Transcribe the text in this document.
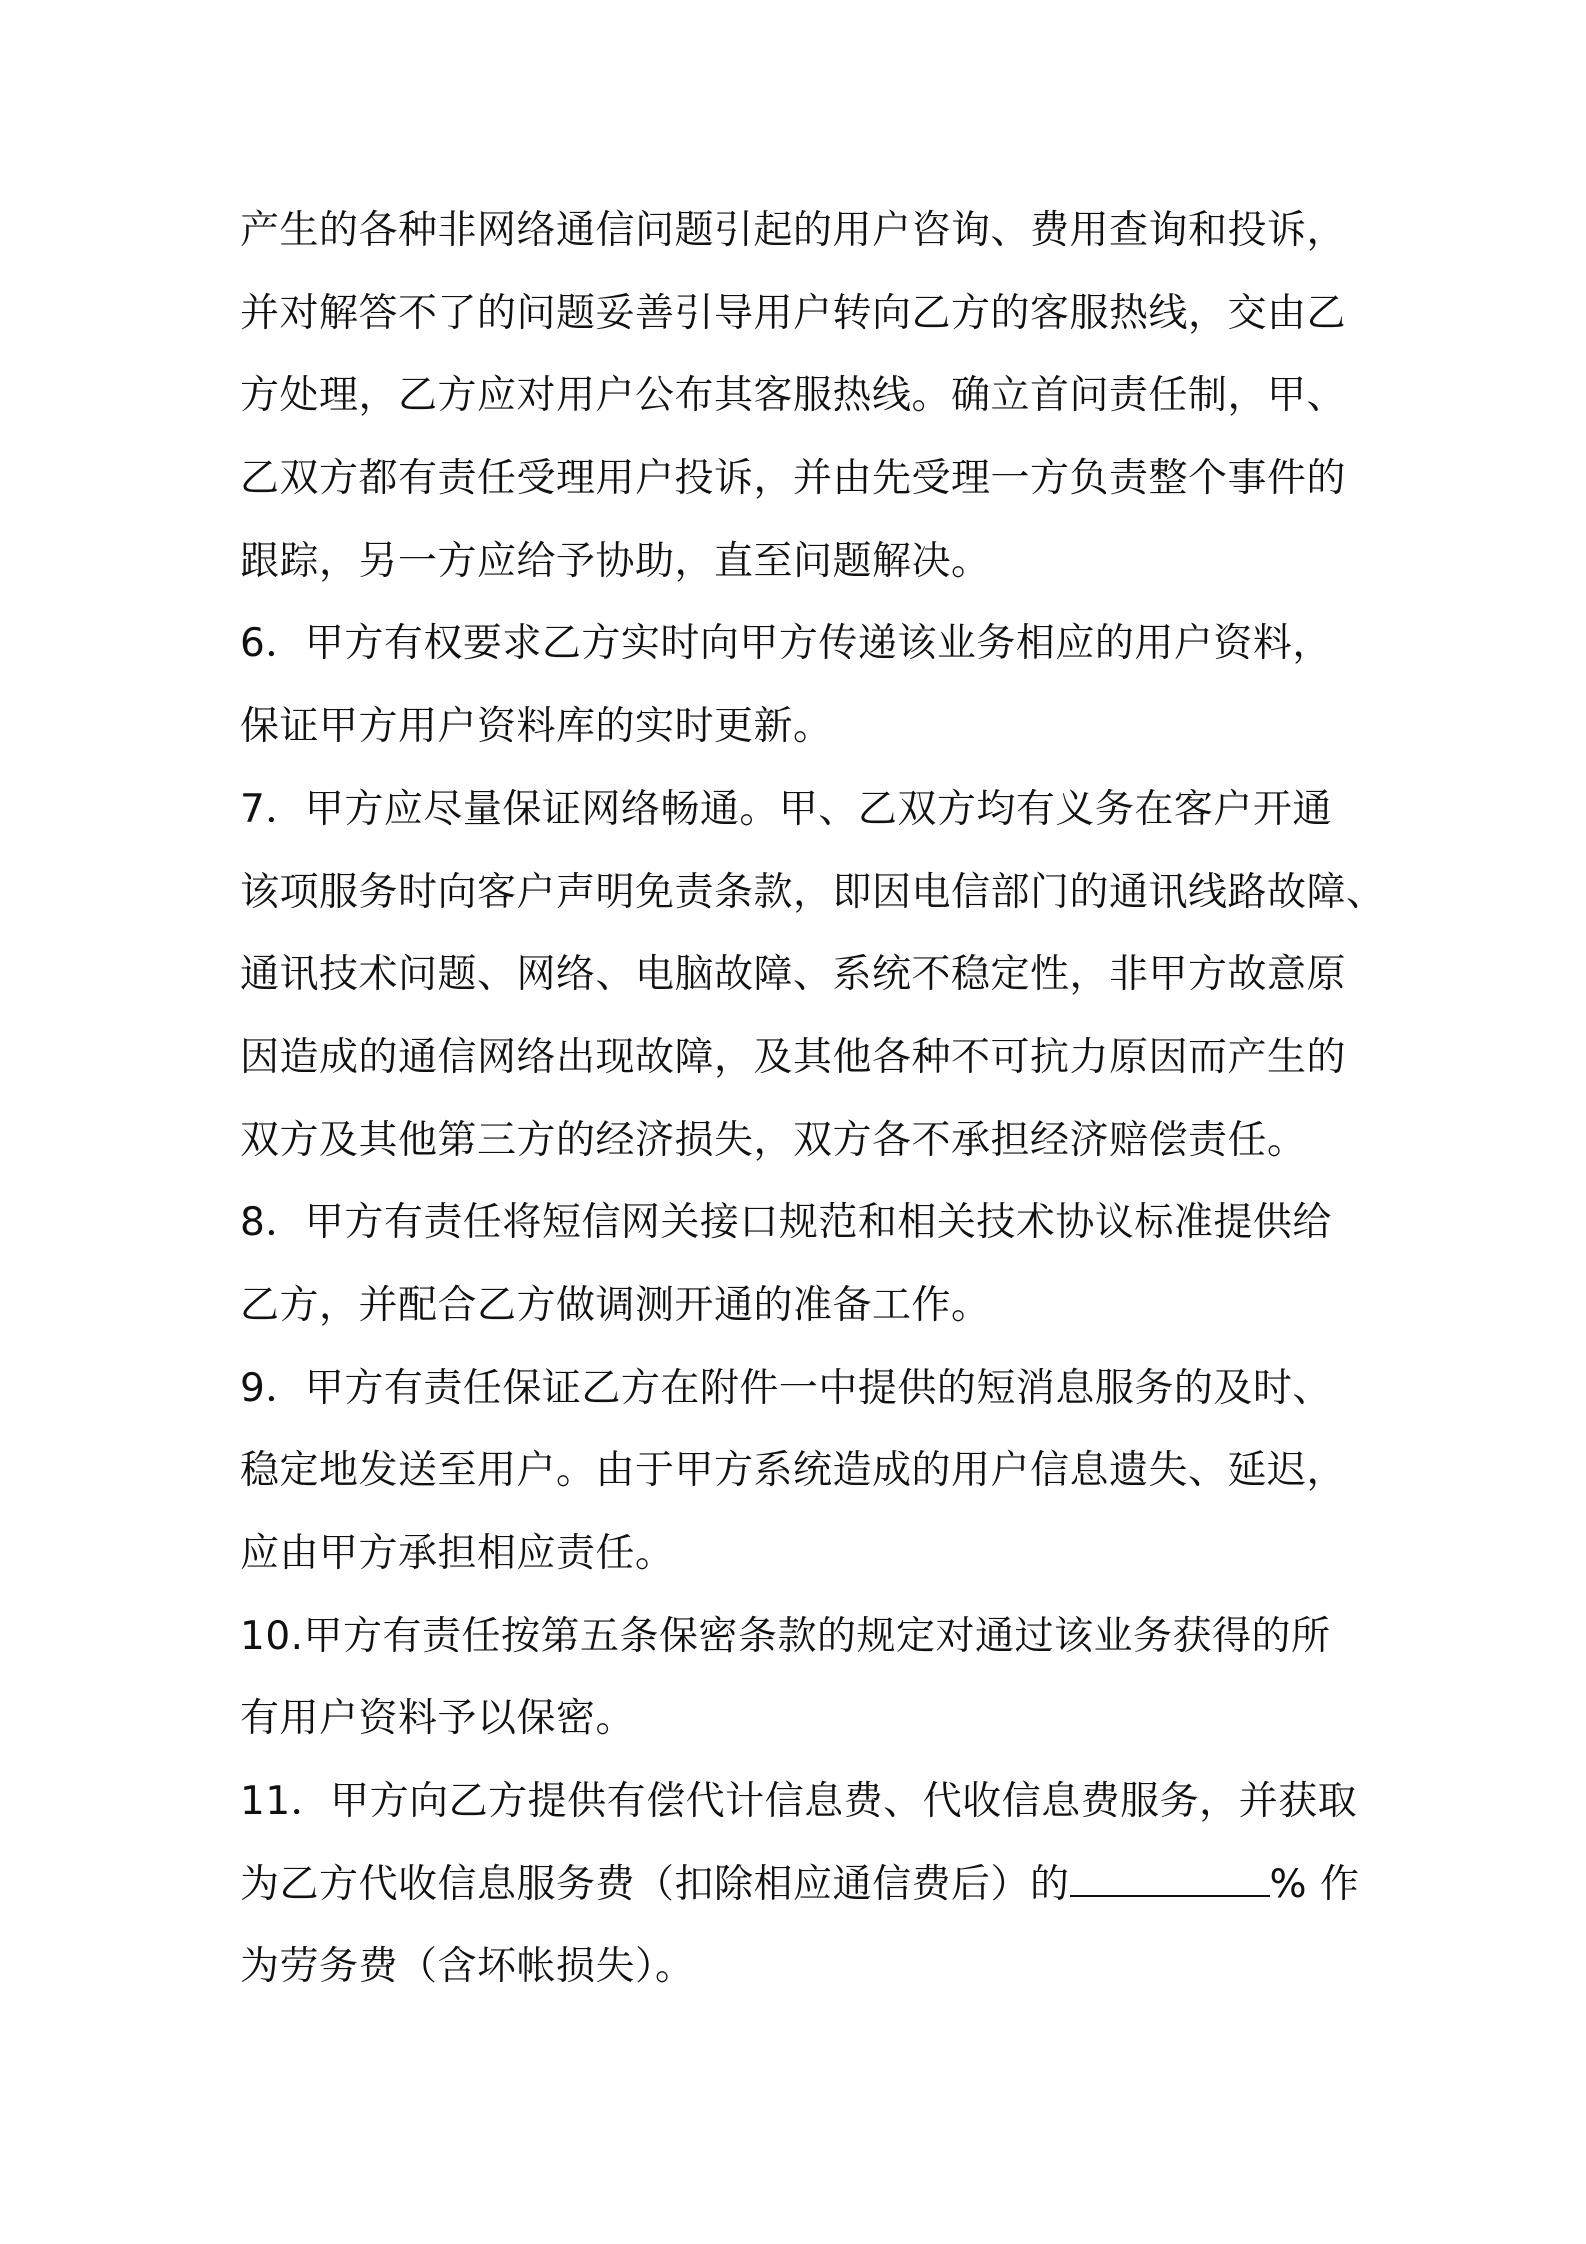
产生的各种非网络通信问题引起的用户咨询、费用查询和投诉，
并对解答不了的问题妥善引导用户转向乙方的客服热线，交由乙
方处理，乙方应对用户公布其客服热线。确立首问责任制，甲、
乙双方都有责任受理用户投诉，并由先受理一方负责整个事件的
跟踪，另一方应给予协助，直至问题解决。
6．甲方有权要求乙方实时向甲方传递该业务相应的用户资料，
保证甲方用户资料库的实时更新。
7．甲方应尽量保证网络畅通。甲、乙双方均有义务在客户开通
该项服务时向客户声明免责条款，即因电信部门的通讯线路故障、
通讯技术问题、网络、电脑故障、系统不稳定性，非甲方故意原
因造成的通信网络出现故障，及其他各种不可抗力原因而产生的
双方及其他第三方的经济损失，双方各不承担经济赔偿责任。
8．甲方有责任将短信网关接口规范和相关技术协议标准提供给
乙方，并配合乙方做调测开通的准备工作。
9．甲方有责任保证乙方在附件一中提供的短消息服务的及时、
稳定地发送至用户。由于甲方系统造成的用户信息遗失、延迟，
应由甲方承担相应责任。
10.甲方有责任按第五条保密条款的规定对通过该业务获得的所
有用户资料予以保密。
11．甲方向乙方提供有偿代计信息费、代收信息费服务，并获取
为乙方代收信息服务费（扣除相应通信费后）的	% 作
为劳务费（含坏帐损失）。
